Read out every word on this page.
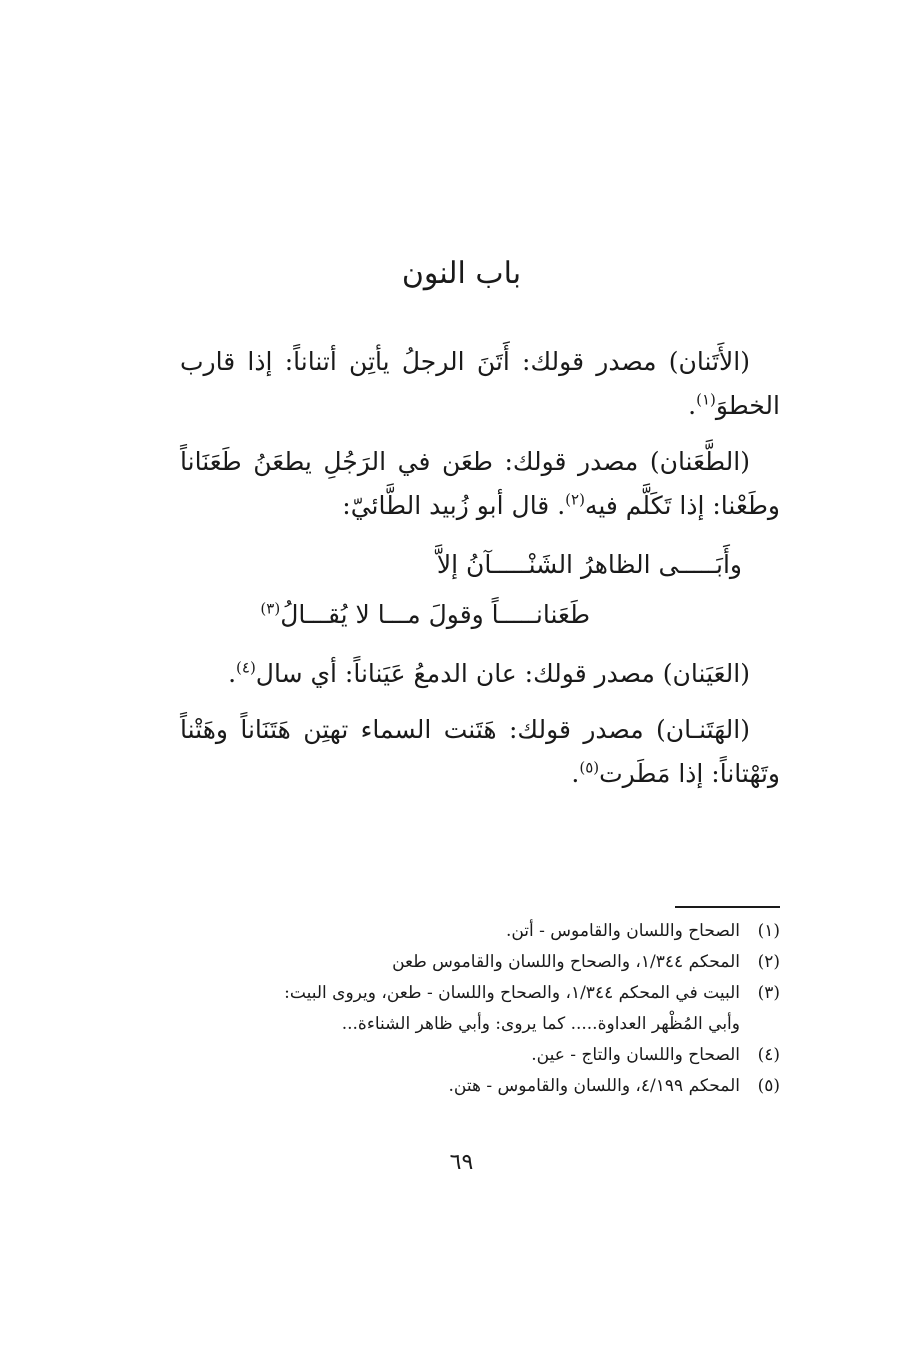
باب النون

(الأَتَنان) مصدر قولك: أَتَنَ الرجلُ يأتِن أتناناً: إذا قارب الخطوَ$^{(١)}$.

(الطَّعَنان) مصدر قولك: طعَن في الرَجُلِ يطعَنُ طَعَنَاناً وطَعْنا: إذا تَكَلَّم فيه$^{(٢)}$. قال أبو زُبيد الطَّائيّ:

وأَبَـــــى الظاهرُ الشَنْـــــآنُ إلاَّ
طَعَنانـــــاً وقولَ مـــا لا يُقـــالُ$^{(٣)}$

(العَيَنان) مصدر قولك: عان الدمعُ عَيَناناً: أي سال$^{(٤)}$.

(الهَتَنـان) مصدر قولك: هَتَنت السماء تهتِن هَتَنَاناً وهَتْناً وتَهْتاناً: إذا مَطَرت$^{(٥)}$.

(١)
الصحاح واللسان والقاموس - أتن.

(٢)
المحكم ١/٣٤٤، والصحاح واللسان والقاموس طعن

(٣)
البيت في المحكم ١/٣٤٤، والصحاح واللسان - طعن، ويروى البيت:

وأبي المُظْهر العداوة..... كما يروى: وأبي ظاهر الشناءة...

(٤)
الصحاح واللسان والتاج - عين.

(٥)
المحكم ٤/١٩٩، واللسان والقاموس - هتن.

٦٩
